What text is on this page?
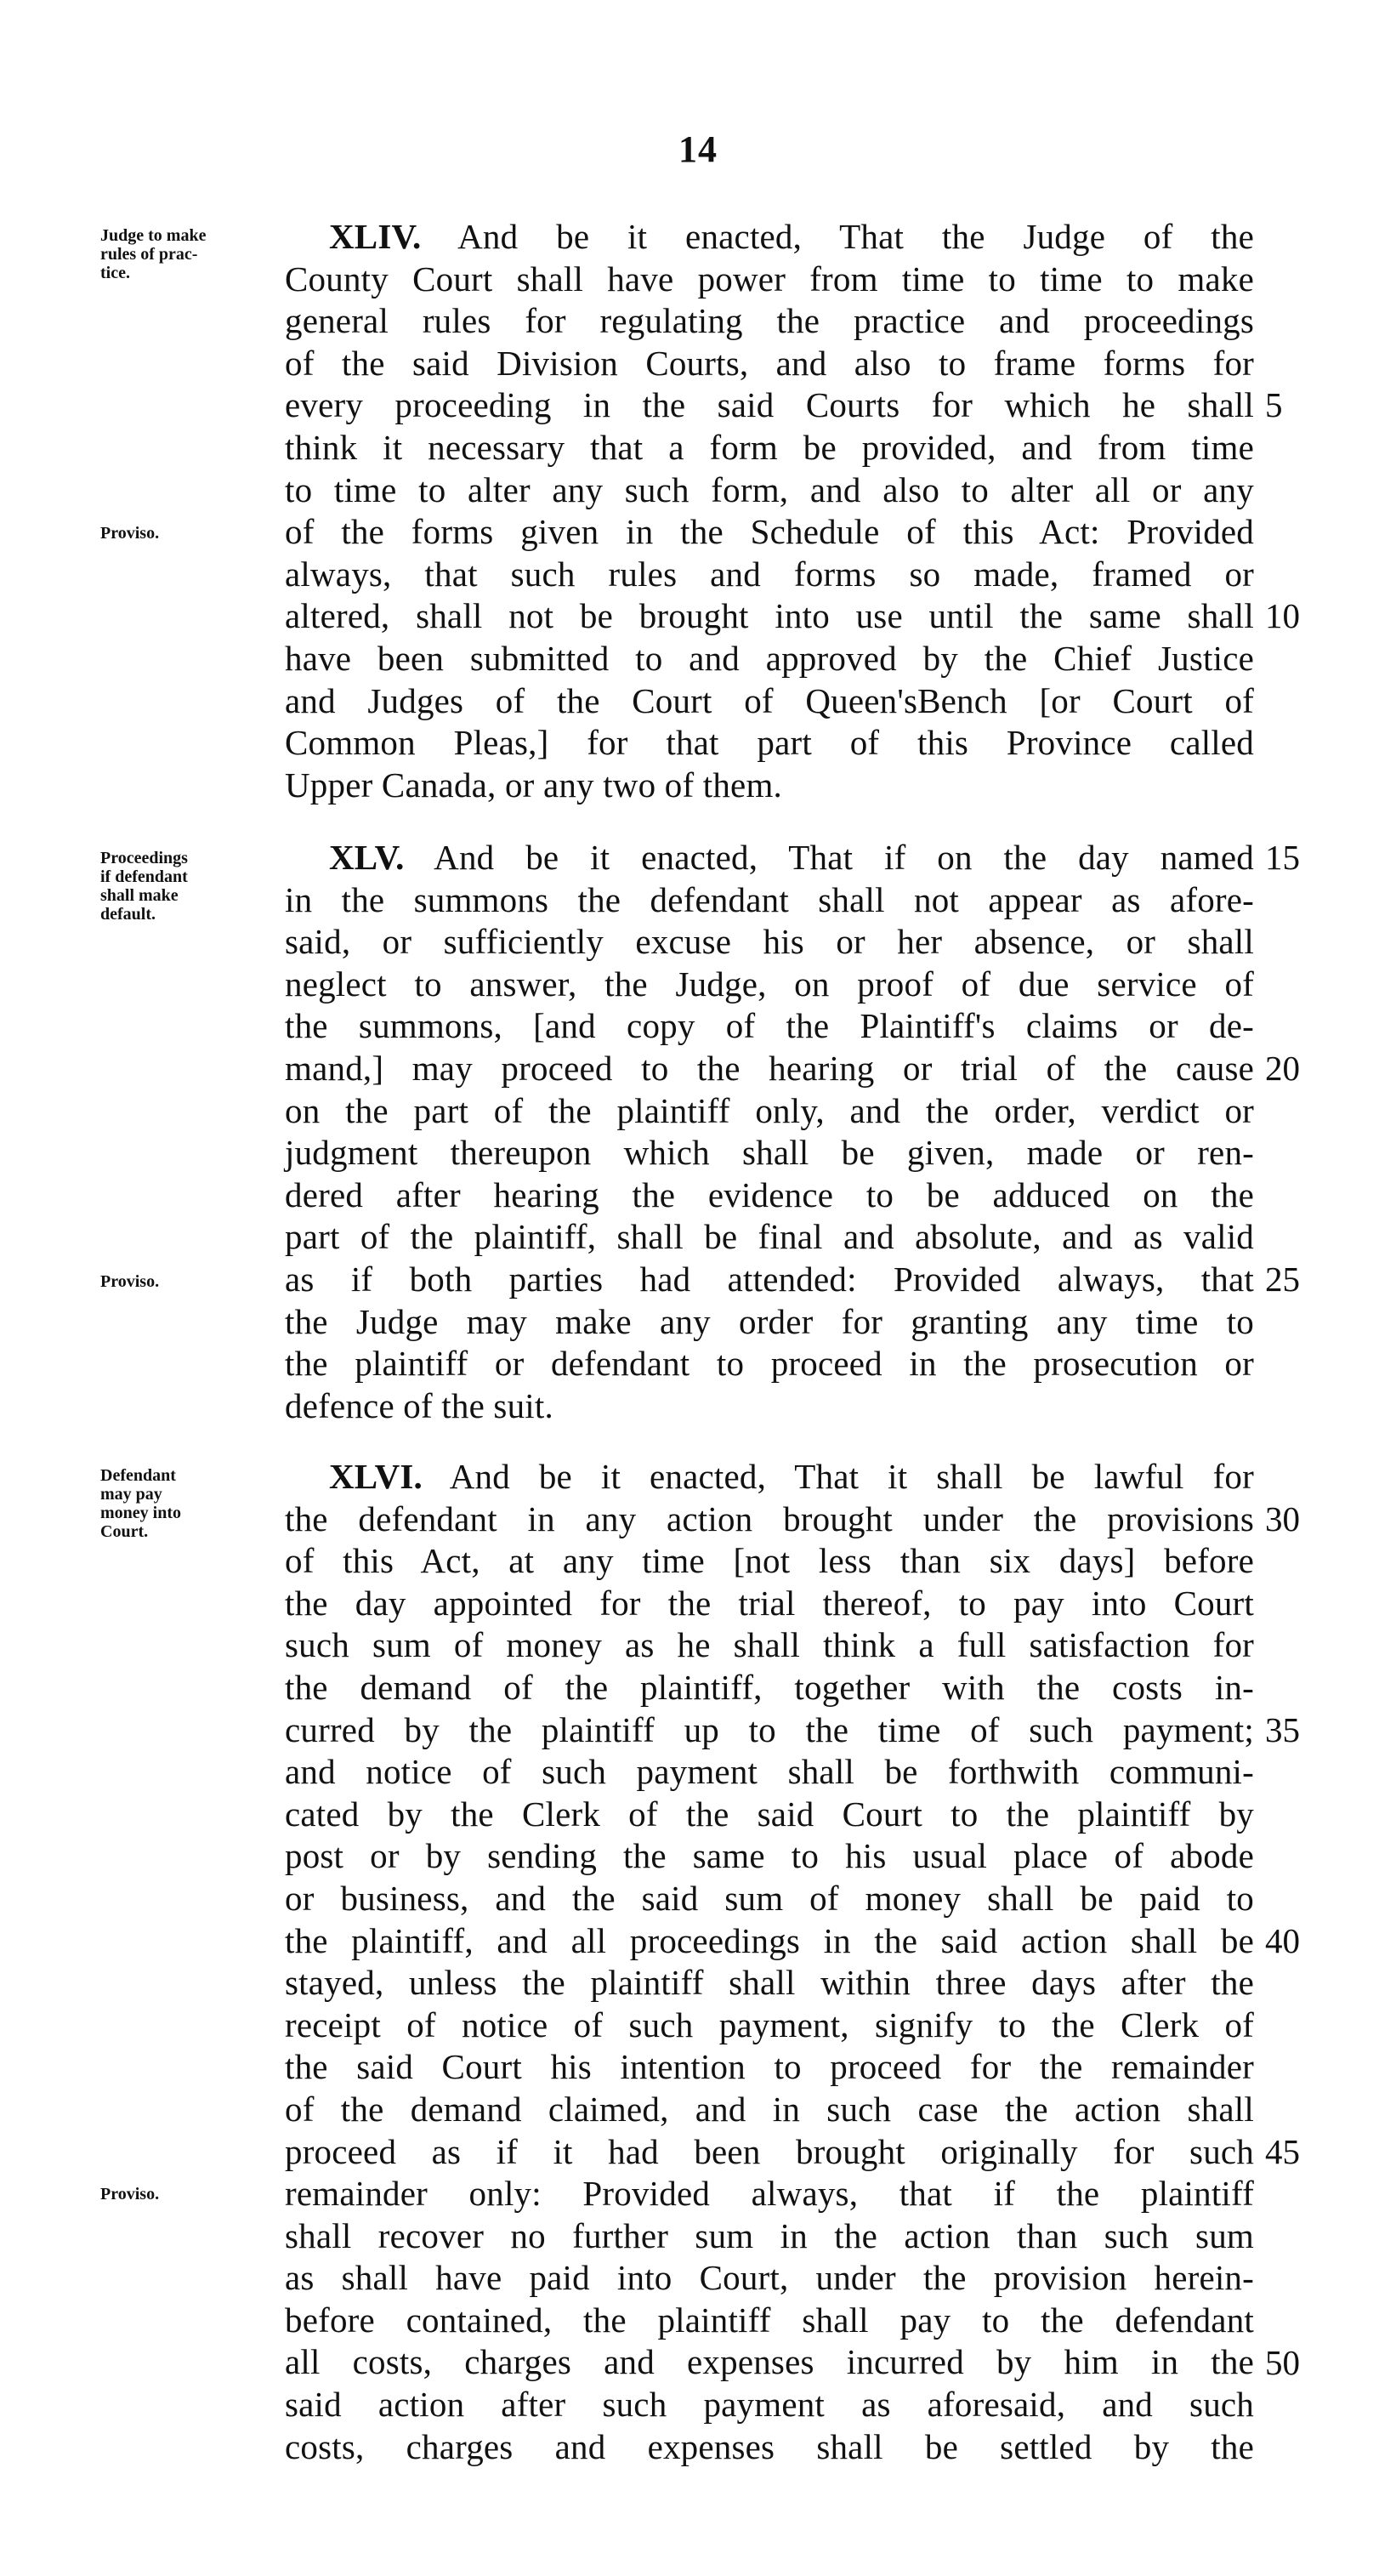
14
Judge to make
rules of prac-
tice.
Proviso.
XLIV. And be it enacted, That the Judge of the
County Court shall have power from time to time to make
general rules for regulating the practice and proceedings
of the said Division Courts, and also to frame forms for
every proceeding in the said Courts for which he shall
think it necessary that a form be provided, and from time
to time to alter any such form, and also to alter all or any
of the forms given in the Schedule of this Act: Provided
always, that such rules and forms so made, framed or
altered, shall not be brought into use until the same shall
have been submitted to and approved by the Chief Justice
and Judges of the Court of Queen'sBench [or Court of
Common Pleas,] for that part of this Province called
Upper Canada, or any two of them.
5
10
Proceedings
if defendant
shall make
default.
Proviso.
XLV. And be it enacted, That if on the day named
in the summons the defendant shall not appear as afore-
said, or sufficiently excuse his or her absence, or shall
neglect to answer, the Judge, on proof of due service of
the summons, [and copy of the Plaintiff's claims or de-
mand,] may proceed to the hearing or trial of the cause
on the part of the plaintiff only, and the order, verdict or
judgment thereupon which shall be given, made or ren-
dered after hearing the evidence to be adduced on the
part of the plaintiff, shall be final and absolute, and as valid
as if both parties had attended: Provided always, that
the Judge may make any order for granting any time to
the plaintiff or defendant to proceed in the prosecution or
defence of the suit.
15
20
25
Defendant
may pay
money into
Court.
Proviso.
XLVI. And be it enacted, That it shall be lawful for
the defendant in any action brought under the provisions
of this Act, at any time [not less than six days] before
the day appointed for the trial thereof, to pay into Court
such sum of money as he shall think a full satisfaction for
the demand of the plaintiff, together with the costs in-
curred by the plaintiff up to the time of such payment;
and notice of such payment shall be forthwith communi-
cated by the Clerk of the said Court to the plaintiff by
post or by sending the same to his usual place of abode
or business, and the said sum of money shall be paid to
the plaintiff, and all proceedings in the said action shall be
stayed, unless the plaintiff shall within three days after the
receipt of notice of such payment, signify to the Clerk of
the said Court his intention to proceed for the remainder
of the demand claimed, and in such case the action shall
proceed as if it had been brought originally for such
remainder only: Provided always, that if the plaintiff
shall recover no further sum in the action than such sum
as shall have paid into Court, under the provision herein-
before contained, the plaintiff shall pay to the defendant
all costs, charges and expenses incurred by him in the
said action after such payment as aforesaid, and such
costs, charges and expenses shall be settled by the
30
35
40
45
50
